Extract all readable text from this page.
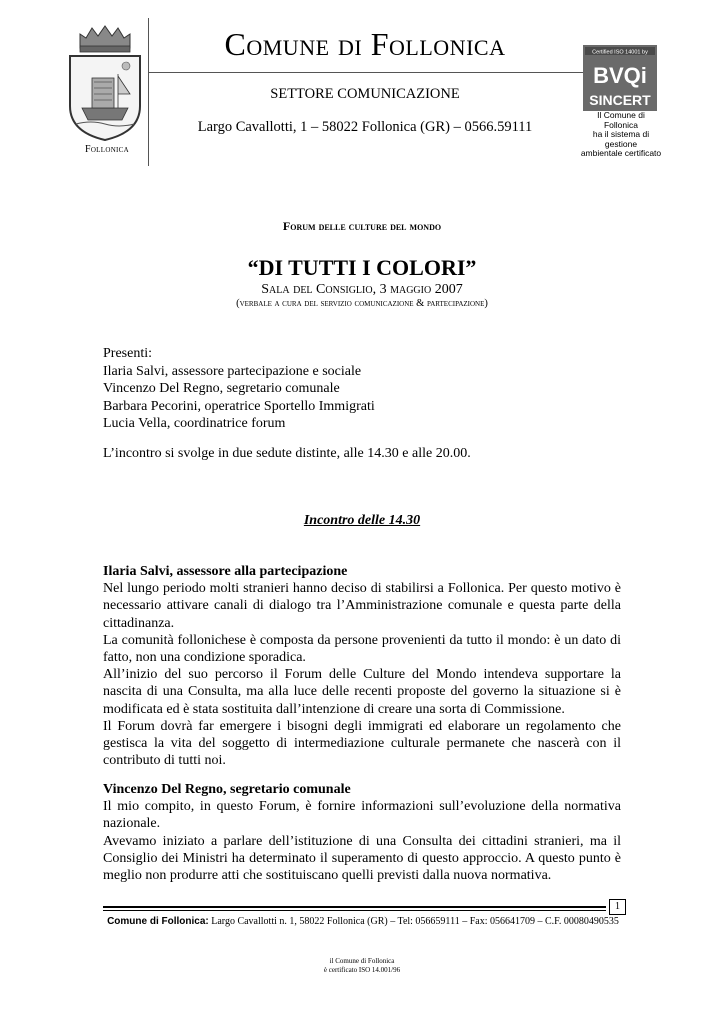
Follonica
Comune di Follonica
SETTORE COMUNICAZIONE
Largo Cavallotti, 1 – 58022 Follonica (GR) – 0566.59111
Certified ISO 14001 by
BVQi
SINCERT
Il Comune di Follonica
ha il sistema di gestione
ambientale certificato
Forum delle culture del mondo
“DI TUTTI I COLORI”
Sala del Consiglio, 3 maggio 2007
(verbale a cura del servizio comunicazione & partecipazione)
Presenti:
Ilaria Salvi, assessore partecipazione e sociale
Vincenzo Del Regno, segretario comunale
Barbara Pecorini, operatrice Sportello Immigrati
Lucia Vella, coordinatrice forum
L’incontro si svolge in due sedute distinte, alle 14.30 e alle 20.00.
Incontro delle 14.30
Ilaria Salvi, assessore alla partecipazione

Nel lungo periodo molti stranieri hanno deciso di stabilirsi a Follonica. Per questo motivo è necessario attivare canali di dialogo tra l’Amministrazione comunale e questa parte della cittadinanza.

La comunità follonichese è composta da persone provenienti da tutto il mondo: è un dato di fatto, non una condizione sporadica.

All’inizio del suo percorso il Forum delle Culture del Mondo intendeva supportare la nascita di una Consulta, ma alla luce delle recenti proposte del governo la situazione si è modificata ed è stata sostituita dall’intenzione di creare una sorta di Commissione.

Il Forum dovrà far emergere i bisogni degli immigrati ed elaborare un regolamento che gestisca la vita del soggetto di intermediazione culturale permanete che nascerà con il contributo di tutti noi.

Vincenzo Del Regno, segretario comunale

Il mio compito, in questo Forum, è fornire informazioni sull’evoluzione della normativa nazionale.

Avevamo iniziato a parlare dell’istituzione di una Consulta dei cittadini stranieri, ma il Consiglio dei Ministri ha determinato il superamento di questo approccio. A questo punto è meglio non produrre atti che sostituiscano quelli previsti dalla nuova normativa.

1
Comune di Follonica: Largo Cavallotti n. 1, 58022 Follonica (GR) – Tel: 056659111 – Fax: 056641709 – C.F. 00080490535
il Comune di Follonica
è certificato ISO 14.001/96
